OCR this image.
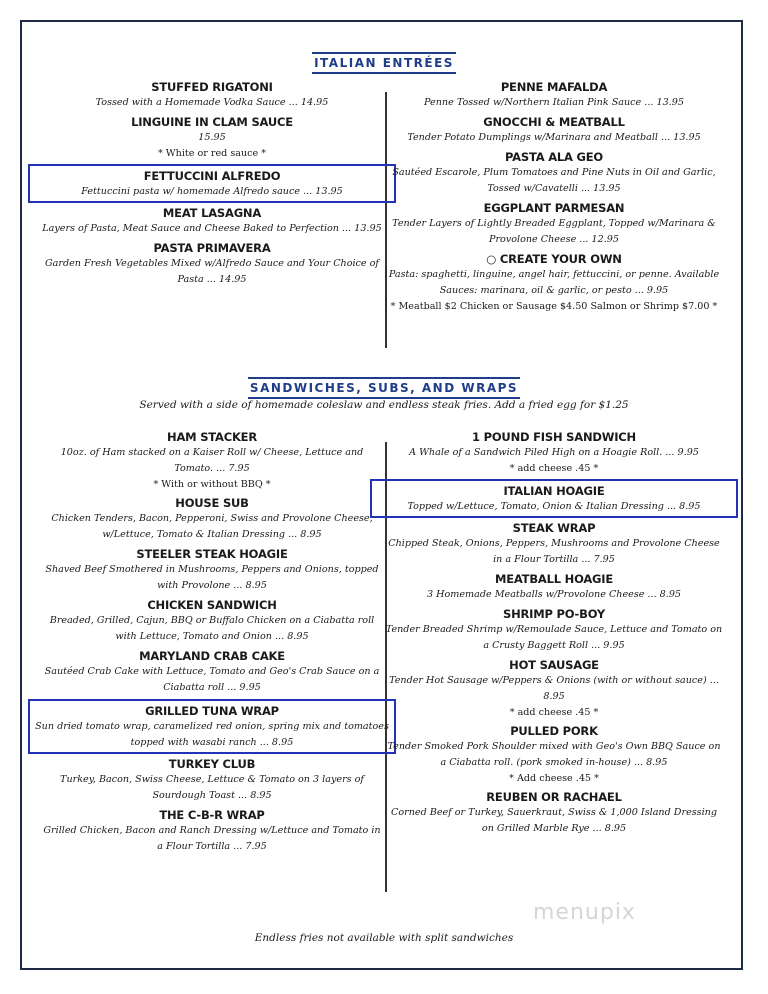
ITALIAN ENTRÉES
STUFFED RIGATONI
Tossed with a Homemade Vodka Sauce ... 14.95
LINGUINE IN CLAM SAUCE
15.95
* White or red sauce *
FETTUCCINI ALFREDO
Fettuccini pasta w/ homemade Alfredo sauce ... 13.95
MEAT LASAGNA
Layers of Pasta, Meat Sauce and Cheese Baked to Perfection ... 13.95
PASTA PRIMAVERA
Garden Fresh Vegetables Mixed w/Alfredo Sauce and Your Choice of Pasta ... 14.95
PENNE MAFALDA
Penne Tossed w/Northern Italian Pink Sauce ... 13.95
GNOCCHI & MEATBALL
Tender Potato Dumplings w/Marinara and Meatball ... 13.95
PASTA ALA GEO
Sautéed Escarole, Plum Tomatoes and Pine Nuts in Oil and Garlic, Tossed w/Cavatelli ... 13.95
EGGPLANT PARMESAN
Tender Layers of Lightly Breaded Eggplant, Topped w/Marinara & Provolone Cheese ... 12.95
○ CREATE YOUR OWN
Pasta: spaghetti, linguine, angel hair, fettuccini, or penne. Available Sauces: marinara, oil & garlic, or pesto ... 9.95
* Meatball $2 Chicken or Sausage $4.50 Salmon or Shrimp $7.00 *
SANDWICHES, SUBS, AND WRAPS
Served with a side of homemade coleslaw and endless steak fries. Add a fried egg for $1.25
HAM STACKER
10oz. of Ham stacked on a Kaiser Roll w/ Cheese, Lettuce and Tomato. ... 7.95
* With or without BBQ *
HOUSE SUB
Chicken Tenders, Bacon, Pepperoni, Swiss and Provolone Cheese, w/Lettuce, Tomato & Italian Dressing ... 8.95
STEELER STEAK HOAGIE
Shaved Beef Smothered in Mushrooms, Peppers and Onions, topped with Provolone ... 8.95
CHICKEN SANDWICH
Breaded, Grilled, Cajun, BBQ or Buffalo Chicken on a Ciabatta roll with Lettuce, Tomato and Onion ... 8.95
MARYLAND CRAB CAKE
Sautéed Crab Cake with Lettuce, Tomato and Geo's Crab Sauce on a Ciabatta roll ... 9.95
GRILLED TUNA WRAP
Sun dried tomato wrap, caramelized red onion, spring mix and tomatoes topped with wasabi ranch ... 8.95
TURKEY CLUB
Turkey, Bacon, Swiss Cheese, Lettuce & Tomato on 3 layers of Sourdough Toast ... 8.95
THE C-B-R WRAP
Grilled Chicken, Bacon and Ranch Dressing w/Lettuce and Tomato in a Flour Tortilla ... 7.95
1 POUND FISH SANDWICH
A Whale of a Sandwich Piled High on a Hoagie Roll. ... 9.95
* add cheese .45 *
ITALIAN HOAGIE
Topped w/Lettuce, Tomato, Onion & Italian Dressing ... 8.95
STEAK WRAP
Chipped Steak, Onions, Peppers, Mushrooms and Provolone Cheese in a Flour Tortilla ... 7.95
MEATBALL HOAGIE
3 Homemade Meatballs w/Provolone Cheese ... 8.95
SHRIMP PO-BOY
Tender Breaded Shrimp w/Remoulade Sauce, Lettuce and Tomato on a Crusty Baggett Roll ... 9.95
HOT SAUSAGE
Tender Hot Sausage w/Peppers & Onions (with or without sauce) ... 8.95
* add cheese .45 *
PULLED PORK
Tender Smoked Pork Shoulder mixed with Geo's Own BBQ Sauce on a Ciabatta roll. (pork smoked in-house) ... 8.95
* Add cheese .45 *
REUBEN OR RACHAEL
Corned Beef or Turkey, Sauerkraut, Swiss & 1,000 Island Dressing on Grilled Marble Rye ... 8.95
menupix
Endless fries not available with split sandwiches
